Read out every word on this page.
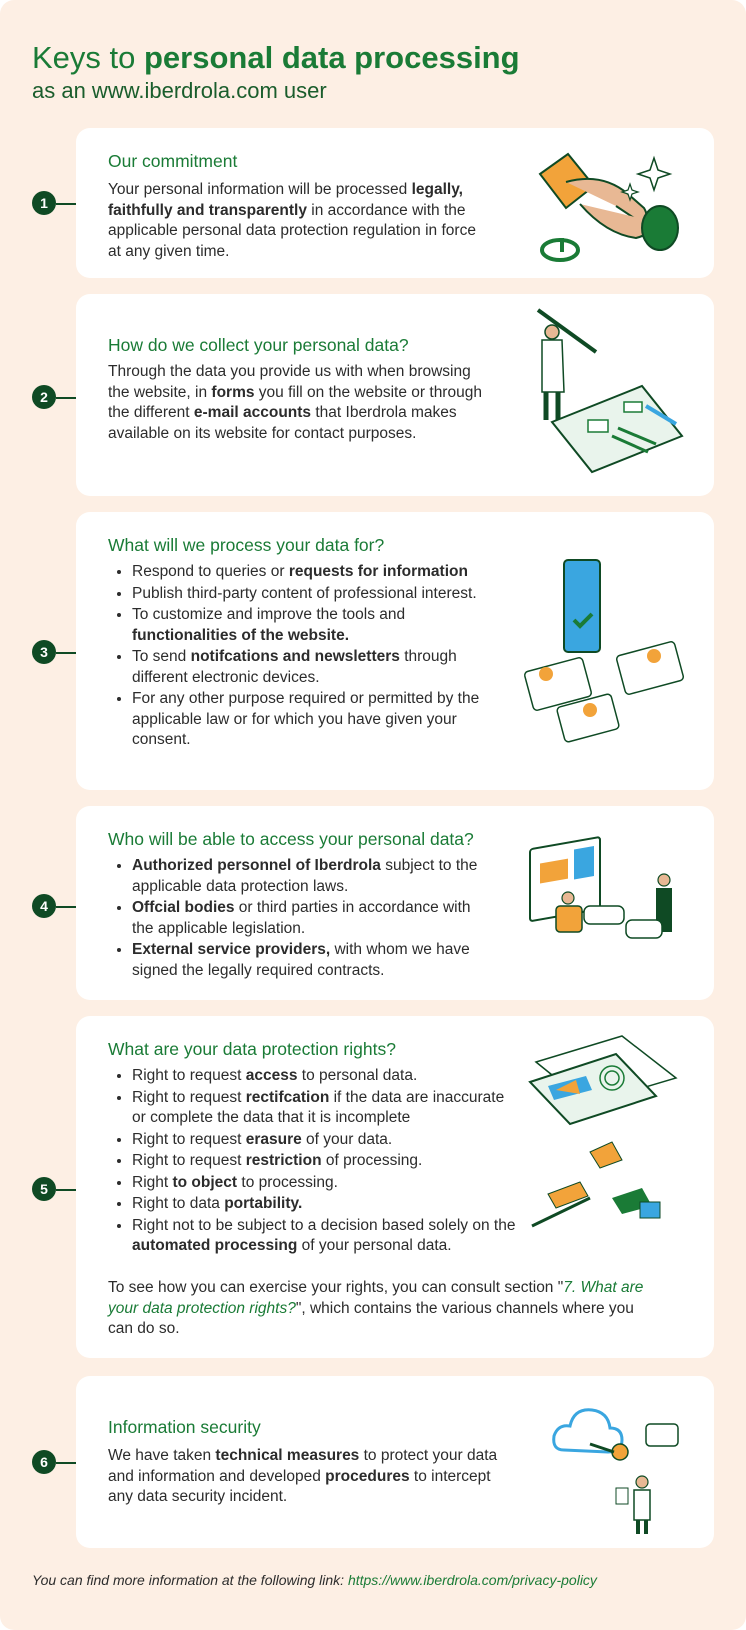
Keys to personal data processing
as an www.iberdrola.com user
1
Our commitment
Your personal information will be processed legally, faithfully and transparently in accordance with the applicable personal data protection regulation in force at any given time.
2
How do we collect your personal data?
Through the data you provide us with when browsing the website, in forms you fill on the website or through the different e-mail accounts that Iberdrola makes available on its website for contact purposes.
3
What will we process your data for?
• Respond to queries or requests for information
• Publish third-party content of professional interest.
• To customize and improve the tools and functionalities of the website.
• To send notifcations and newsletters through different electronic devices.
• For any other purpose required or permitted by the applicable law or for which you have given your consent.
4
Who will be able to access your personal data?
• Authorized personnel of Iberdrola subject to the applicable data protection laws.
• Offcial bodies or third parties in accordance with the applicable legislation.
• External service providers, with whom we have signed the legally required contracts.
5
What are your data protection rights?
• Right to request access to personal data.
• Right to request rectifcation if the data are inaccurate or complete the data that it is incomplete
• Right to request erasure of your data.
• Right to request restriction of processing.
• Right to object to processing.
• Right to data portability.
• Right not to be subject to a decision based solely on the automated processing of your personal data.
To see how you can exercise your rights, you can consult section "7. What are your data protection rights?", which contains the various channels where you can do so.
6
Information security
We have taken technical measures to protect your data and information and developed procedures to intercept any data security incident.
You can find more information at the following link: https://www.iberdrola.com/privacy-policy
